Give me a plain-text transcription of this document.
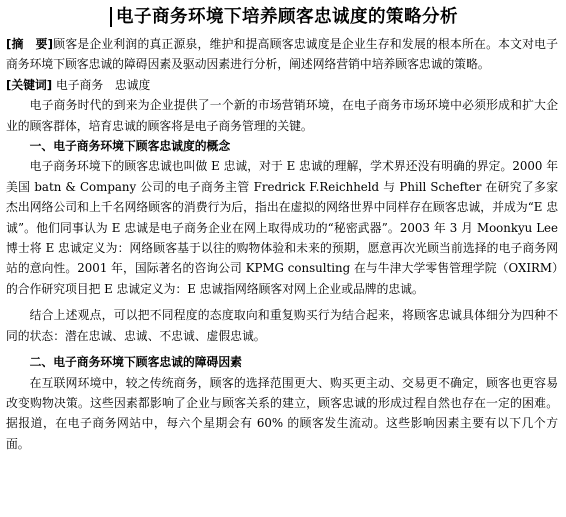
电子商务环境下培养顾客忠诚度的策略分析

[摘　要]顾客是企业利润的真正源泉，维护和提高顾客忠诚度是企业生存和发展的根本所在。本文对电子商务环境下顾客忠诚的障碍因素及驱动因素进行分析，阐述网络营销中培养顾客忠诚的策略。

[关键词] 电子商务　忠诚度

电子商务时代的到来为企业提供了一个新的市场营销环境，在电子商务市场环境中必须形成和扩大企业的顾客群体，培育忠诚的顾客将是电子商务管理的关键。

一、电子商务环境下顾客忠诚度的概念

电子商务环境下的顾客忠诚也叫做 E 忠诚，对于 E 忠诚的理解，学术界还没有明确的界定。2000 年美国 batn & Company 公司的电子商务主管 Fredrick F.Reichheld 与 Phill Schefter 在研究了多家杰出网络公司和上千名网络顾客的消费行为后，指出在虚拟的网络世界中同样存在顾客忠诚，并成为“E 忠诚”。他们同事认为 E 忠诚是电子商务企业在网上取得成功的“秘密武器”。2003 年 3 月 Moonkyu Lee 博士将 E 忠诚定义为：网络顾客基于以往的购物体验和未来的预期，愿意再次光顾当前选择的电子商务网站的意向性。2001 年，国际著名的咨询公司 KPMG consulting 在与牛津大学零售管理学院（OXIRM）的合作研究项目把 E 忠诚定义为：E 忠诚指网络顾客对网上企业或品牌的忠诚。

结合上述观点，可以把不同程度的态度取向和重复购买行为结合起来，将顾客忠诚具体细分为四种不同的状态：潜在忠诚、忠诚、不忠诚、虚假忠诚。

二、电子商务环境下顾客忠诚的障碍因素

在互联网环境中，较之传统商务，顾客的选择范围更大、购买更主动、交易更不确定，顾客也更容易改变购物决策。这些因素都影响了企业与顾客关系的建立，顾客忠诚的形成过程自然也存在一定的困难。据报道，在电子商务网站中，每六个星期会有 60% 的顾客发生流动。这些影响因素主要有以下几个方面。
